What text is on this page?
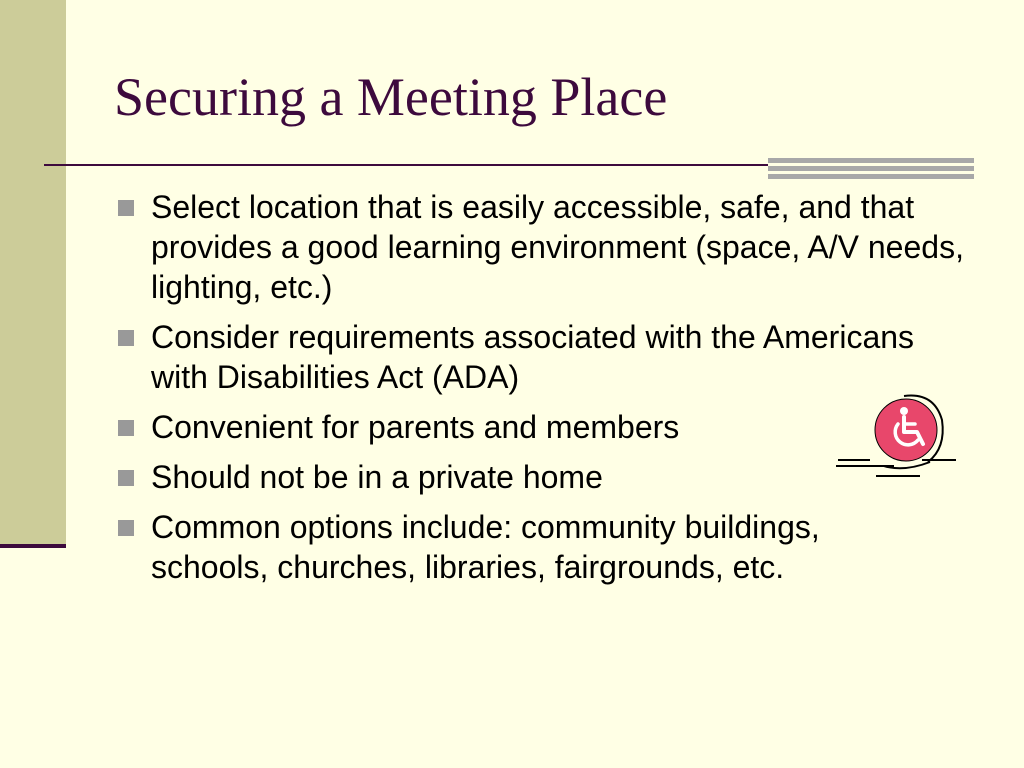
Securing a Meeting Place
Select location that is easily accessible, safe, and that provides a good learning environment (space, A/V needs, lighting, etc.)
Consider requirements associated with the Americans with Disabilities Act (ADA)
Convenient for parents and members
Should not be in a private home
Common options include: community buildings, schools, churches, libraries, fairgrounds, etc.
